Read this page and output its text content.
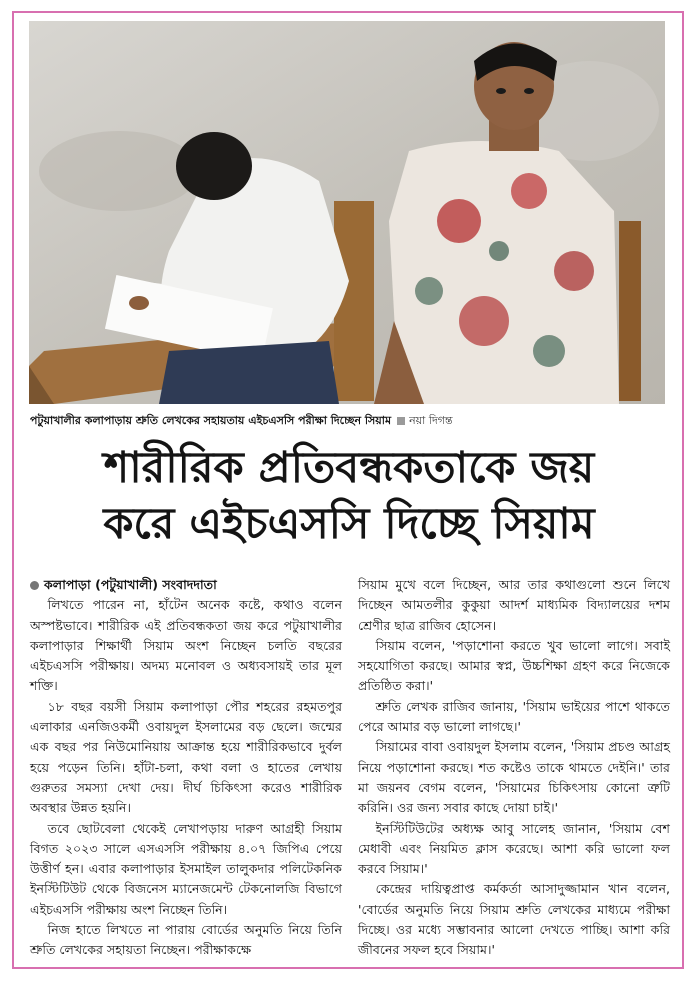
পটুয়াখালীর কলাপাড়ায় শ্রুতি লেখকের সহায়তায় এইচএসসি পরীক্ষা দিচ্ছেন সিয়াম নয়া দিগন্ত
শারীরিক প্রতিবন্ধকতাকে জয়
করে এইচএসসি দিচ্ছে সিয়াম
কলাপাড়া (পটুয়াখালী) সংবাদদাতা

লিখতে পারেন না, হাঁটেন অনেক কষ্টে, কথাও বলেন অস্পষ্টভাবে। শারীরিক এই প্রতিবন্ধকতা জয় করে পটুয়াখালীর কলাপাড়ার শিক্ষার্থী সিয়াম অংশ নিচ্ছেন চলতি বছরের এইচএসসি পরীক্ষায়। অদম্য মনোবল ও অধ্যবসায়ই তার মূল শক্তি।

১৮ বছর বয়সী সিয়াম কলাপাড়া পৌর শহরের রহমতপুর এলাকার এনজিওকর্মী ওবায়দুল ইসলামের বড় ছেলে। জন্মের এক বছর পর নিউমোনিয়ায় আক্রান্ত হয়ে শারীরিকভাবে দুর্বল হয়ে পড়েন তিনি। হাঁটা-চলা, কথা বলা ও হাতের লেখায় গুরুতর সমস্যা দেখা দেয়। দীর্ঘ চিকিৎসা করেও শারীরিক অবস্থার উন্নত হয়নি।

তবে ছোটবেলা থেকেই লেখাপড়ায় দারুণ আগ্রহী সিয়াম বিগত ২০২৩ সালে এসএসসি পরীক্ষায় ৪.০৭ জিপিএ পেয়ে উত্তীর্ণ হন। এবার কলাপাড়ার ইসমাইল তালুকদার পলিটেকনিক ইনস্টিটিউট থেকে বিজনেস ম্যানেজমেন্ট টেকনোলজি বিভাগে এইচএসসি পরীক্ষায় অংশ নিচ্ছেন তিনি।

নিজ হাতে লিখতে না পারায় বোর্ডের অনুমতি নিয়ে তিনি শ্রুতি লেখকের সহায়তা নিচ্ছেন। পরীক্ষাকক্ষে

সিয়াম মুখে বলে দিচ্ছেন, আর তার কথাগুলো শুনে লিখে দিচ্ছেন আমতলীর কুকুয়া আদর্শ মাধ্যমিক বিদ্যালয়ের দশম শ্রেণীর ছাত্র রাজিব হোসেন।

সিয়াম বলেন, 'পড়াশোনা করতে খুব ভালো লাগে। সবাই সহযোগিতা করছে। আমার স্বপ্ন, উচ্চশিক্ষা গ্রহণ করে নিজেকে প্রতিষ্ঠিত করা।'

শ্রুতি লেখক রাজিব জানায়, 'সিয়াম ভাইয়ের পাশে থাকতে পেরে আমার বড় ভালো লাগছে।'

সিয়ামের বাবা ওবায়দুল ইসলাম বলেন, 'সিয়াম প্রচণ্ড আগ্রহ নিয়ে পড়াশোনা করছে। শত কষ্টেও তাকে থামতে দেইনি।' তার মা জয়নব বেগম বলেন, 'সিয়ামের চিকিৎসায় কোনো ত্রুটি করিনি। ওর জন্য সবার কাছে দোয়া চাই।'

ইনস্টিটিউটের অধ্যক্ষ আবু সালেহ জানান, 'সিয়াম বেশ মেধাবী এবং নিয়মিত ক্লাস করেছে। আশা করি ভালো ফল করবে সিয়াম।'

কেন্দ্রের দায়িত্বপ্রাপ্ত কর্মকর্তা আসাদুজ্জামান খান বলেন, 'বোর্ডের অনুমতি নিয়ে সিয়াম শ্রুতি লেখকের মাধ্যমে পরীক্ষা দিচ্ছে। ওর মধ্যে সম্ভাবনার আলো দেখতে পাচ্ছি। আশা করি জীবনের সফল হবে সিয়াম।'
